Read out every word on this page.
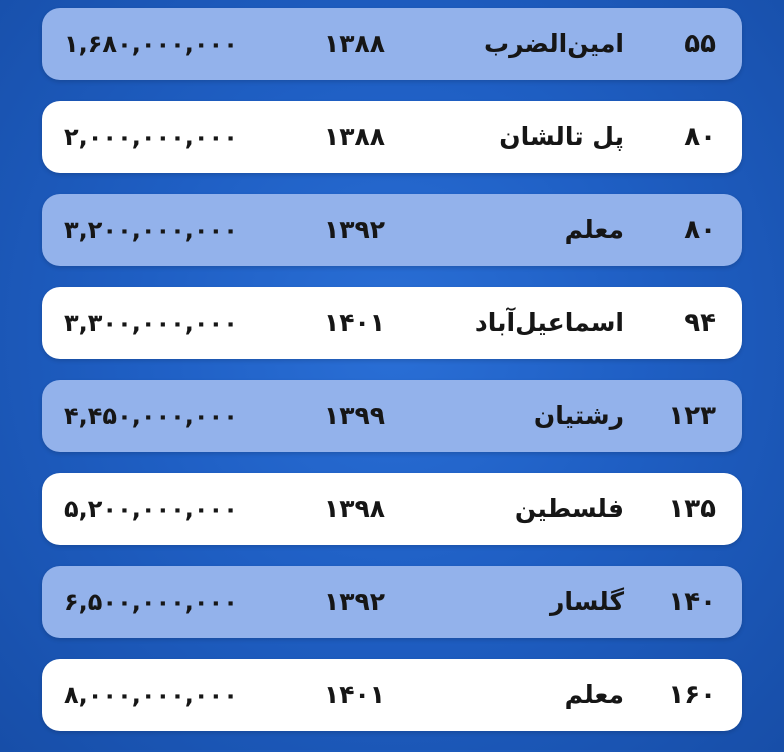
۵۵
امین‌الضرب
۱۳۸۸
۱,۶۸۰,۰۰۰,۰۰۰
۸۰
پل تالشان
۱۳۸۸
۲,۰۰۰,۰۰۰,۰۰۰
۸۰
معلم
۱۳۹۲
۳,۲۰۰,۰۰۰,۰۰۰
۹۴
اسماعیل‌آباد
۱۴۰۱
۳,۳۰۰,۰۰۰,۰۰۰
۱۲۳
رشتیان
۱۳۹۹
۴,۴۵۰,۰۰۰,۰۰۰
۱۳۵
فلسطین
۱۳۹۸
۵,۲۰۰,۰۰۰,۰۰۰
۱۴۰
گلسار
۱۳۹۲
۶,۵۰۰,۰۰۰,۰۰۰
۱۶۰
معلم
۱۴۰۱
۸,۰۰۰,۰۰۰,۰۰۰
